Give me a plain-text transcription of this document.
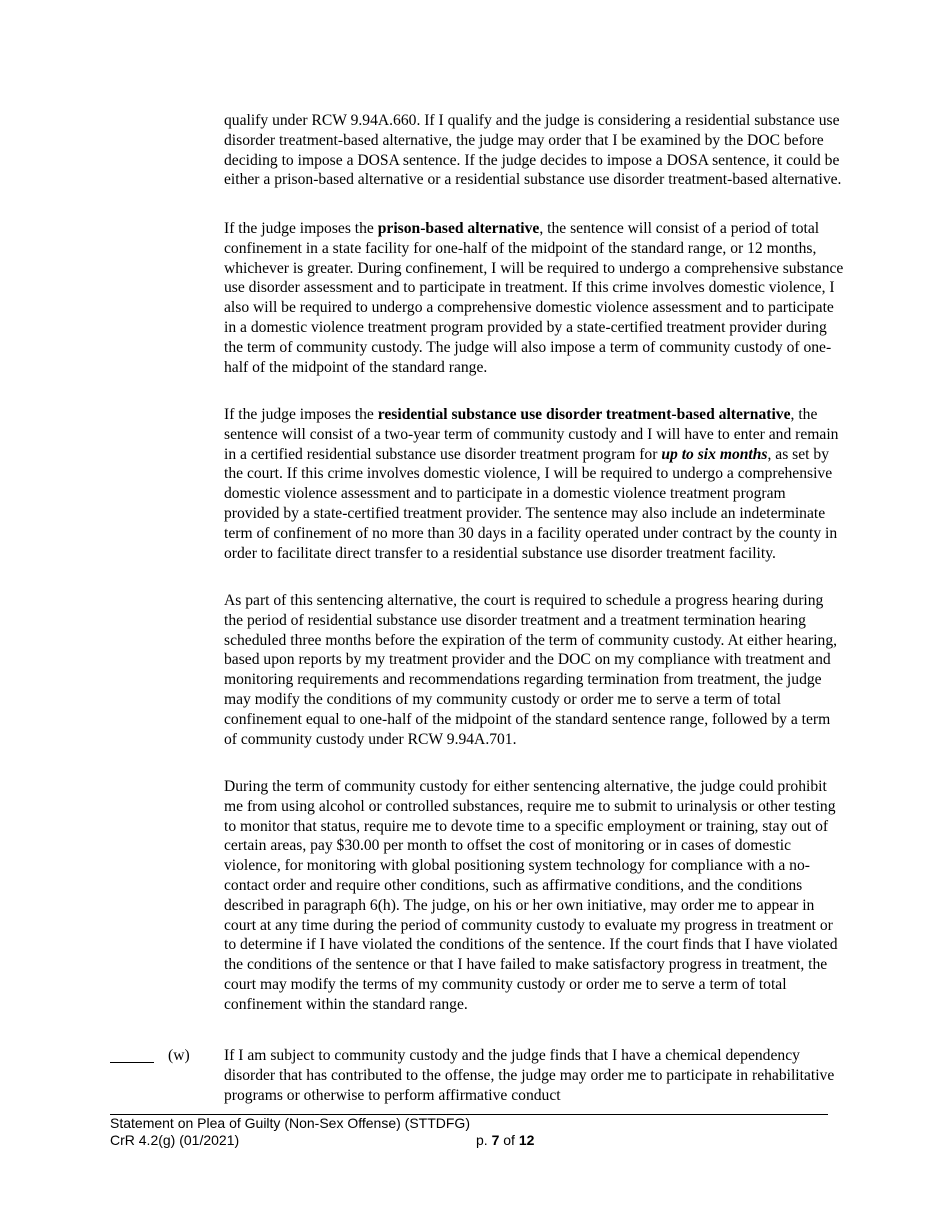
qualify under RCW 9.94A.660. If I qualify and the judge is considering a residential substance use disorder treatment-based alternative, the judge may order that I be examined by the DOC before deciding to impose a DOSA sentence. If the judge decides to impose a DOSA sentence, it could be either a prison-based alternative or a residential substance use disorder treatment-based alternative.

If the judge imposes the prison-based alternative, the sentence will consist of a period of total confinement in a state facility for one-half of the midpoint of the standard range, or 12 months, whichever is greater. During confinement, I will be required to undergo a comprehensive substance use disorder assessment and to participate in treatment. If this crime involves domestic violence, I also will be required to undergo a comprehensive domestic violence assessment and to participate in a domestic violence treatment program provided by a state-certified treatment provider during the term of community custody. The judge will also impose a term of community custody of one-half of the midpoint of the standard range.

If the judge imposes the residential substance use disorder treatment-based alternative, the sentence will consist of a two-year term of community custody and I will have to enter and remain in a certified residential substance use disorder treatment program for up to six months, as set by the court. If this crime involves domestic violence, I will be required to undergo a comprehensive domestic violence assessment and to participate in a domestic violence treatment program provided by a state-certified treatment provider. The sentence may also include an indeterminate term of confinement of no more than 30 days in a facility operated under contract by the county in order to facilitate direct transfer to a residential substance use disorder treatment facility.

As part of this sentencing alternative, the court is required to schedule a progress hearing during the period of residential substance use disorder treatment and a treatment termination hearing scheduled three months before the expiration of the term of community custody. At either hearing, based upon reports by my treatment provider and the DOC on my compliance with treatment and monitoring requirements and recommendations regarding termination from treatment, the judge may modify the conditions of my community custody or order me to serve a term of total confinement equal to one-half of the midpoint of the standard sentence range, followed by a term of community custody under RCW 9.94A.701.

During the term of community custody for either sentencing alternative, the judge could prohibit me from using alcohol or controlled substances, require me to submit to urinalysis or other testing to monitor that status, require me to devote time to a specific employment or training, stay out of certain areas, pay $30.00 per month to offset the cost of monitoring or in cases of domestic violence, for monitoring with global positioning system technology for compliance with a no-contact order and require other conditions, such as affirmative conditions, and the conditions described in paragraph 6(h). The judge, on his or her own initiative, may order me to appear in court at any time during the period of community custody to evaluate my progress in treatment or to determine if I have violated the conditions of the sentence. If the court finds that I have violated the conditions of the sentence or that I have failed to make satisfactory progress in treatment, the court may modify the terms of my community custody or order me to serve a term of total confinement within the standard range.

(w) If I am subject to community custody and the judge finds that I have a chemical dependency disorder that has contributed to the offense, the judge may order me to participate in rehabilitative programs or otherwise to perform affirmative conduct

Statement on Plea of Guilty (Non-Sex Offense) (STTDFG)
CrR 4.2(g) (01/2021)	p. 7 of 12
